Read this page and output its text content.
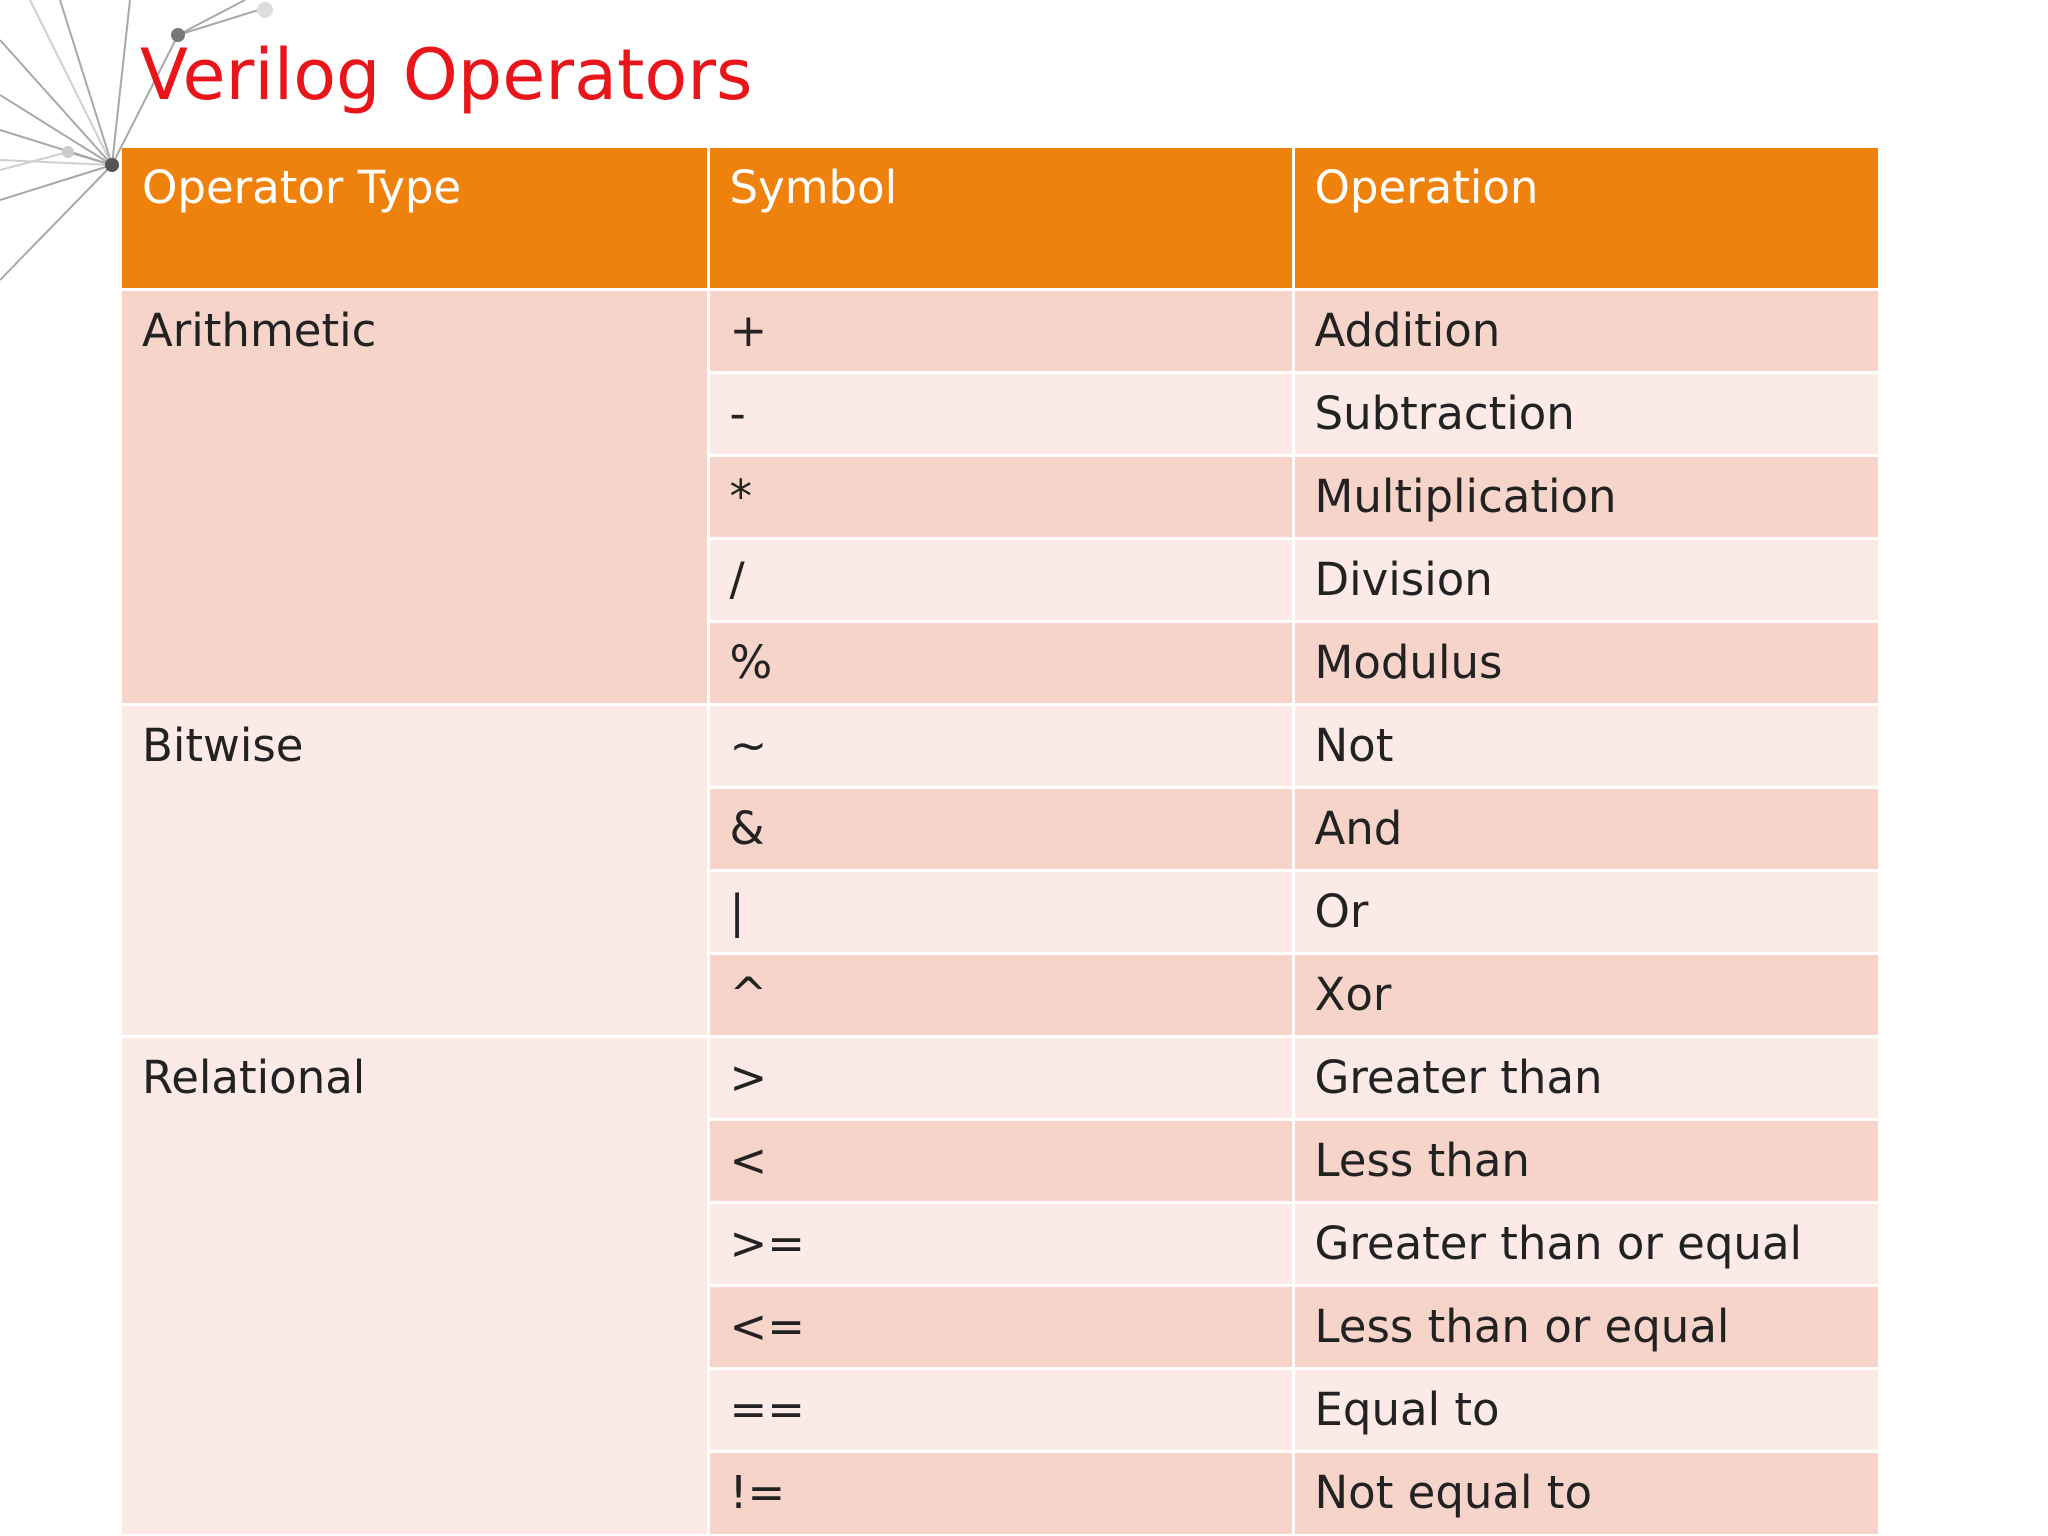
Verilog Operators
Operator Type	Symbol	Operation
Arithmetic	+	Addition
	-	Subtraction
	*	Multiplication
	/	Division
	%	Modulus
Bitwise	~	Not
	&	And
	|	Or
	^	Xor
Relational	>	Greater than
	<	Less than
	>=	Greater than or equal
	<=	Less than or equal
	==	Equal to
	!=	Not equal to
